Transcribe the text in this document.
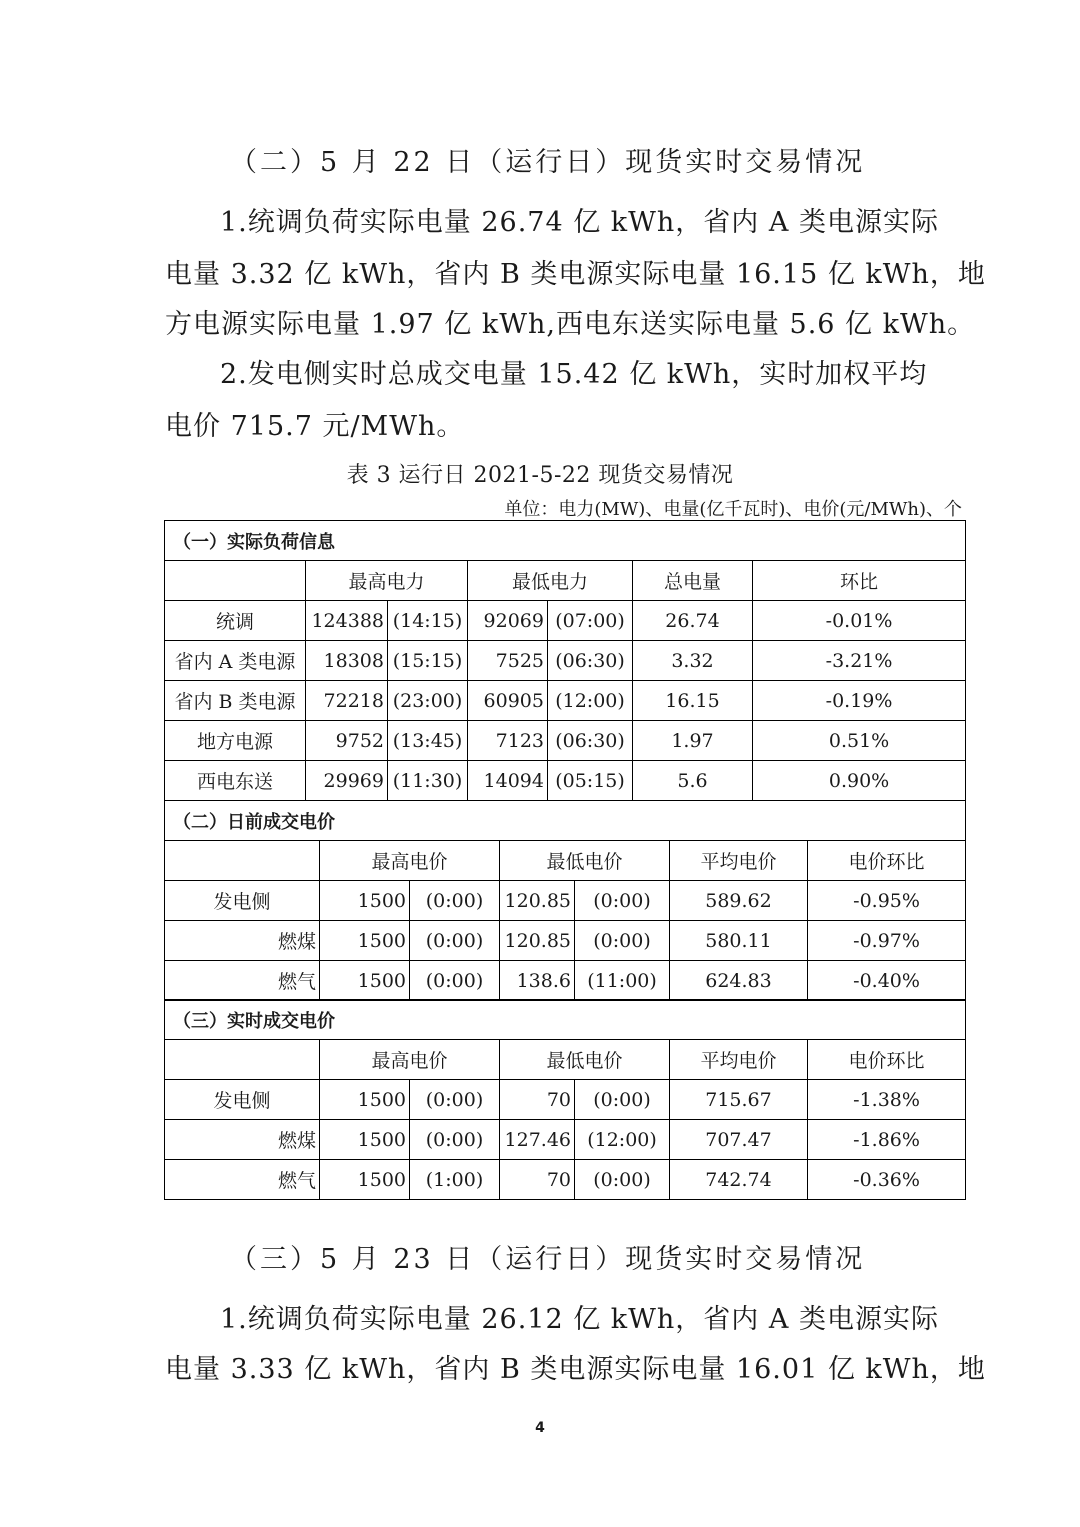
（二）5 月 22 日（运行日）现货实时交易情况
1.统调负荷实际电量 26.74 亿 kWh，省内 A 类电源实际
电量 3.32 亿 kWh，省内 B 类电源实际电量 16.15 亿 kWh，地
方电源实际电量 1.97 亿 kWh,西电东送实际电量 5.6 亿 kWh。
2.发电侧实时总成交电量 15.42 亿 kWh，实时加权平均
电价 715.7 元/MWh。
表 3 运行日 2021-5-22 现货交易情况
单位：电力(MW)、电量(亿千瓦时)、电价(元/MWh)、个
（一）实际负荷信息						
	最高电力		最低电力		总电量	环比
统调	124388	(14:15)	92069	(07:00)	26.74	-0.01%
省内 A 类电源	18308	(15:15)	7525	(06:30)	3.32	-3.21%
省内 B 类电源	72218	(23:00)	60905	(12:00)	16.15	-0.19%
地方电源	9752	(13:45)	7123	(06:30)	1.97	0.51%
西电东送	29969	(11:30)	14094	(05:15)	5.6	0.90%
（二）日前成交电价						
	最高电价		最低电价		平均电价	电价环比
发电侧	1500	(0:00)	120.85	(0:00)	589.62	-0.95%
燃煤	1500	(0:00)	120.85	(0:00)	580.11	-0.97%
燃气	1500	(0:00)	138.6	(11:00)	624.83	-0.40%
（三）实时成交电价						
	最高电价		最低电价		平均电价	电价环比
发电侧	1500	(0:00)	70	(0:00)	715.67	-1.38%
燃煤	1500	(0:00)	127.46	(12:00)	707.47	-1.86%
燃气	1500	(1:00)	70	(0:00)	742.74	-0.36%
（三）5 月 23 日（运行日）现货实时交易情况
1.统调负荷实际电量 26.12 亿 kWh，省内 A 类电源实际
电量 3.33 亿 kWh，省内 B 类电源实际电量 16.01 亿 kWh，地
4
